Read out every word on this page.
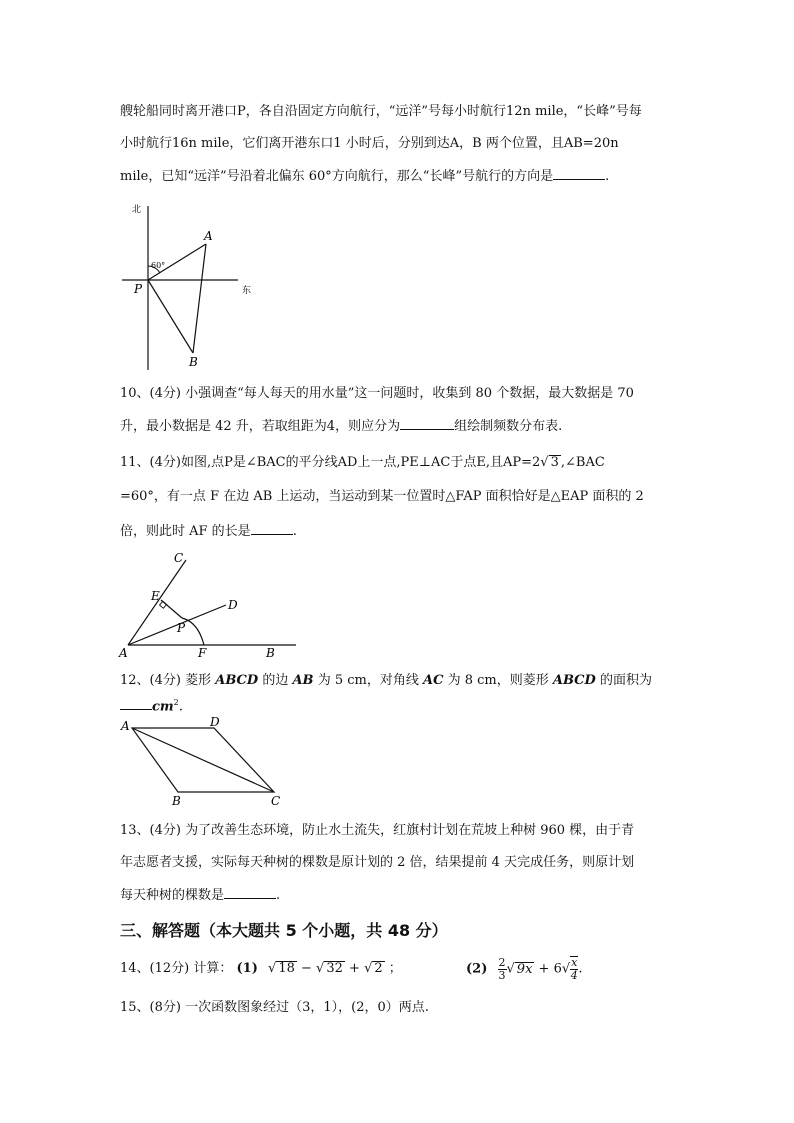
艘轮船同时离开港口P，各自沿固定方向航行，“远洋”号每小时航行12n mile，“长峰”号每
小时航行16n mile，它们离开港东口1 小时后，分别到达A，B 两个位置，且AB=20n
mile，已知“远洋”号沿着北偏东 60°方向航行，那么“长峰”号航行的方向是	.
北
东
60°
P
A
B
10、(4分) 小强调查“每人每天的用水量”这一问题时，收集到 80 个数据，最大数据是 70
升，最小数据是 42 升，若取组距为4，则应分为	组绘制频数分布表.
11、(4分)如图,点P是∠BAC的平分线AD上一点,PE⊥AC于点E,且AP=2√ 3 ,∠BAC
=60°，有一点 F 在边 AB 上运动，当运动到某一位置时△FAP 面积恰好是△EAP 面积的 2
倍，则此时 AF 的长是	.
C
E
D
P
A	F	B
12、(4分) 菱形 ABCD 的边 AB 为 5 cm，对角线 AC 为 8 cm，则菱形 ABCD 的面积为
$cm^2$.
A	D
B	C
13、(4分) 为了改善生态环境，防止水土流失，红旗村计划在荒坡上种树 960 棵，由于青
年志愿者支援，实际每天种树的棵数是原计划的 2 倍，结果提前 4 天完成任务，则原计划
每天种树的棵数是	.
三、解答题（本大题共 5 个小题，共 48 分）
14、(12分) 计算： (1) √ 18 − √ 32 + √ 2 ；	$(2) \frac{2}{3}$ √ $9x + 6√ \frac{x}{4}$ .
15、(8分) 一次函数图象经过（3，1），(2，0）两点.
